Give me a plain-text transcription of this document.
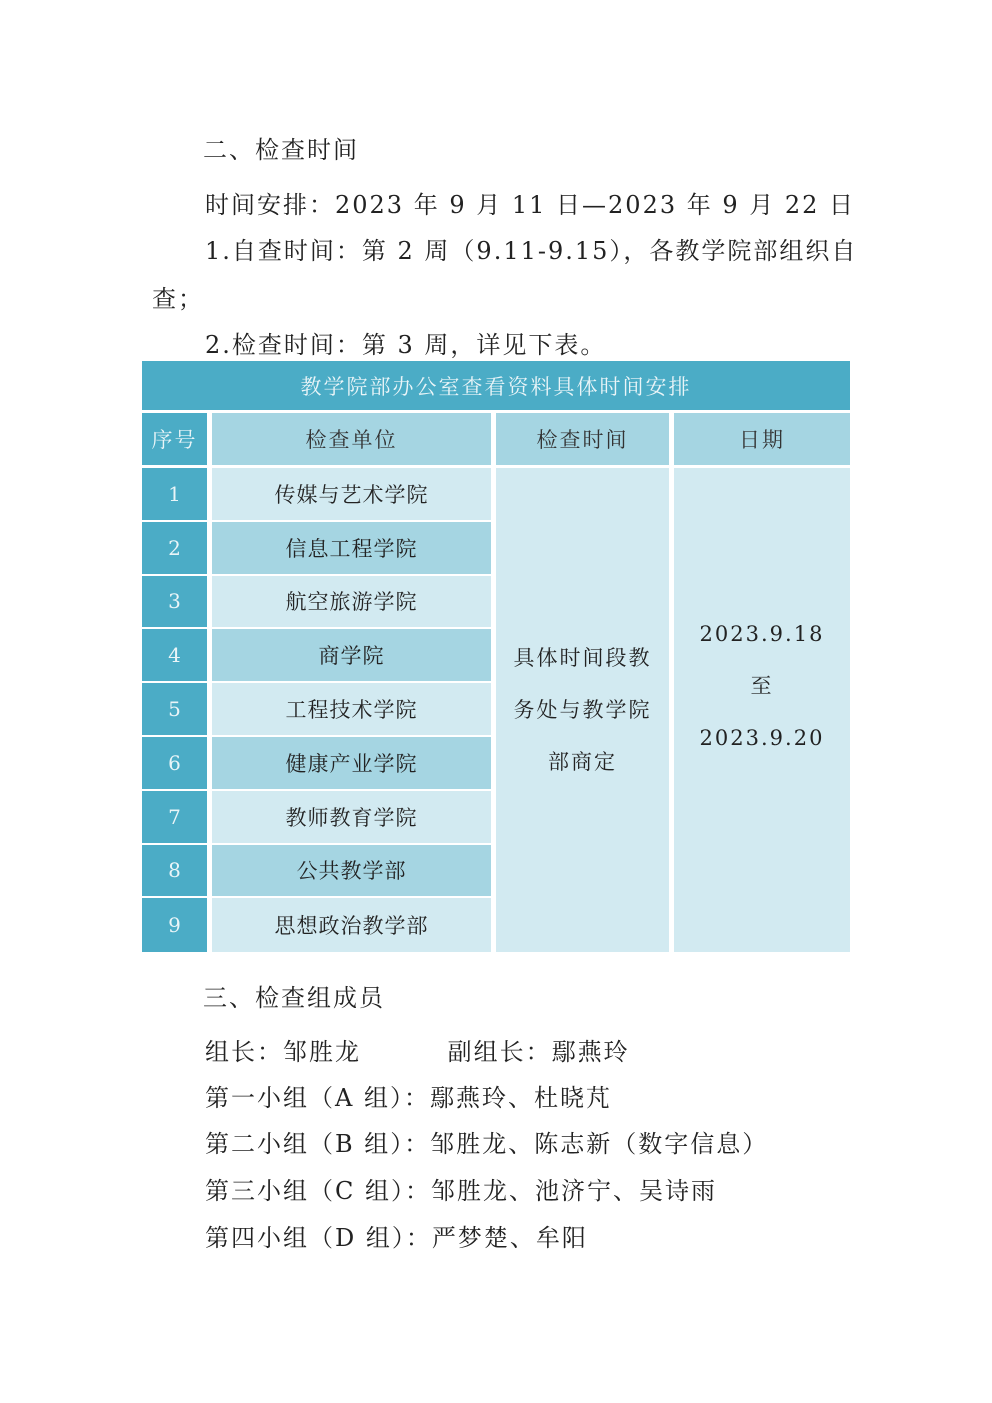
二、检查时间
时间安排：2023 年 9 月 11 日—2023 年 9 月 22 日
1.自查时间：第 2 周（9.11-9.15），各教学院部组织自
查；
2.检查时间：第 3 周，详见下表。
教学院部办公室查看资料具体时间安排			
序号	检查单位	检查时间	日期
1	传媒与艺术学院	具体时间段教
务处与教学院
部商定	2023.9.18
至
2023.9.20

2	信息工程学院		
3	航空旅游学院		
4	商学院		
5	工程技术学院		
6	健康产业学院		
7	教师教育学院		
8	公共教学部		
9	思想政治教学部		
三、检查组成员
组长：邹胜龙         副组长：鄢燕玲
第一小组（A 组）：鄢燕玲、杜晓芃
第二小组（B 组）：邹胜龙、陈志新（数字信息）
第三小组（C 组）：邹胜龙、池济宁、吴诗雨
第四小组（D 组）：严梦楚、牟阳
